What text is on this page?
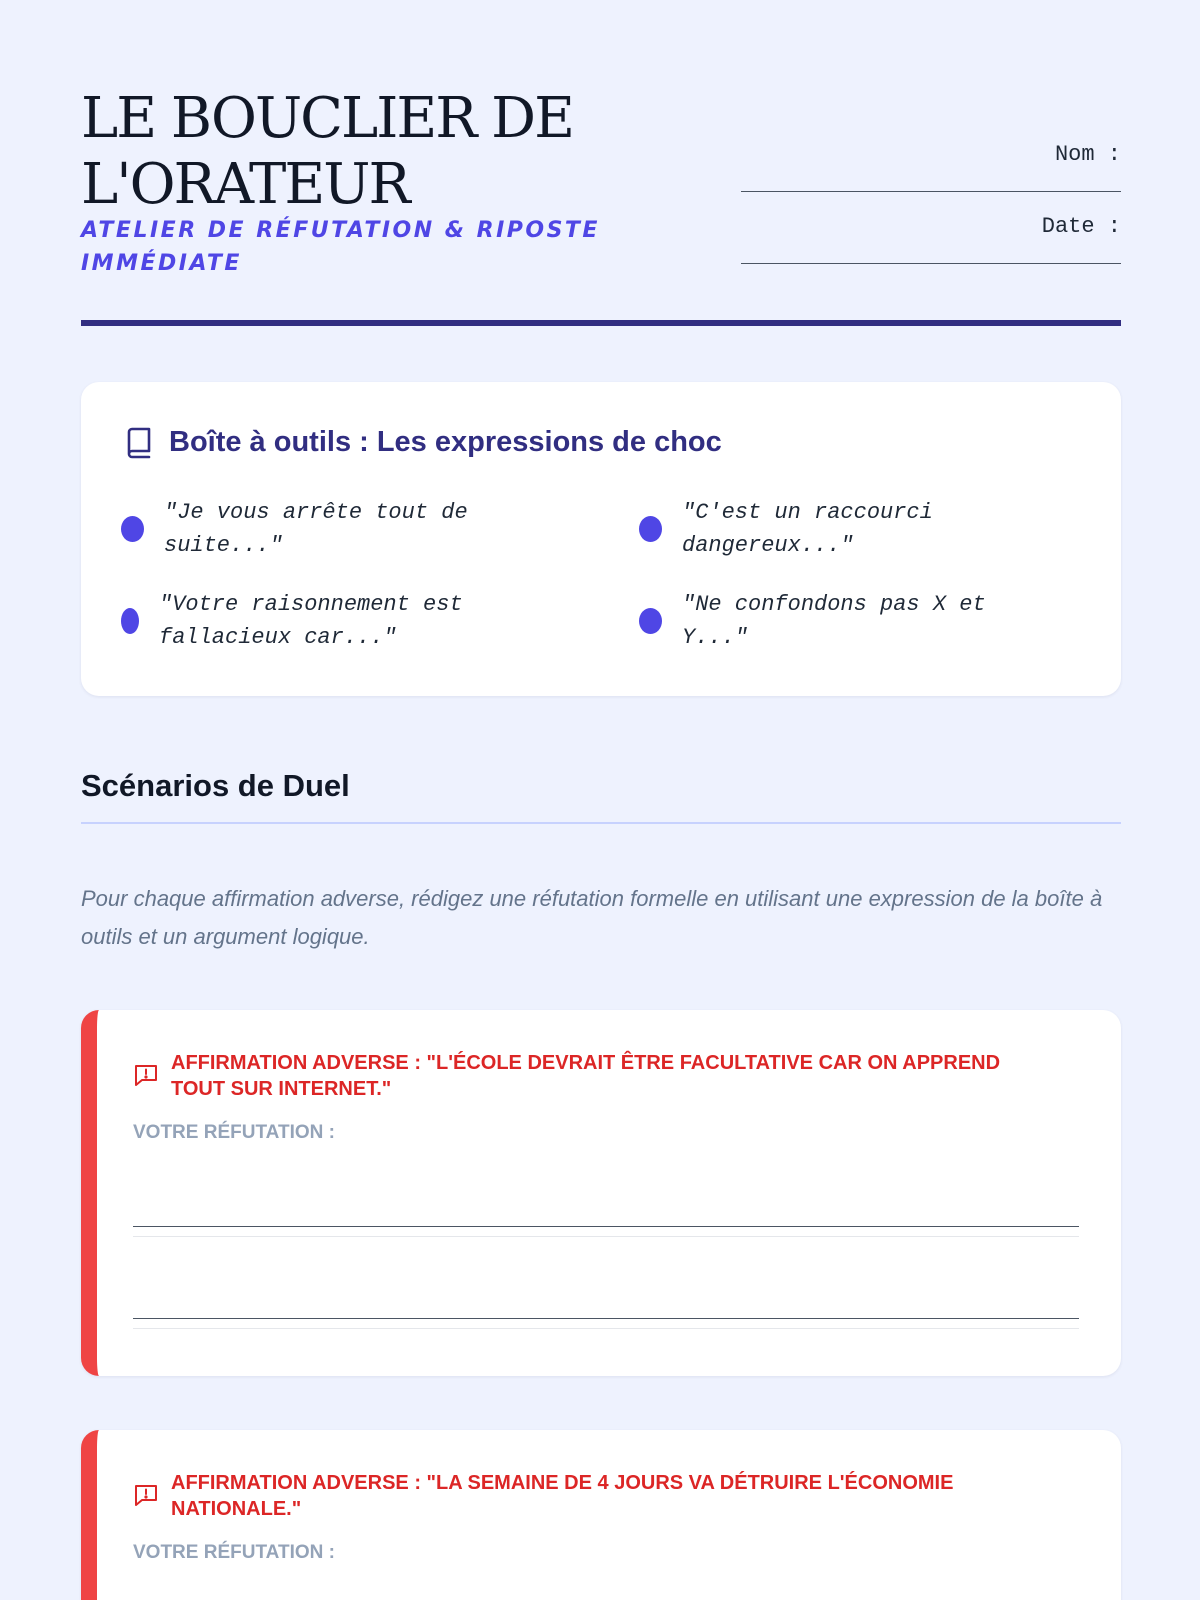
LE BOUCLIER DE L'ORATEUR
ATELIER DE RÉFUTATION & RIPOSTE IMMÉDIATE
Nom :
Date :
Boîte à outils : Les expressions de choc
"Je vous arrête tout de suite..."
"C'est un raccourci dangereux..."
"Votre raisonnement est fallacieux car..."
"Ne confondons pas X et Y..."
Scénarios de Duel

Pour chaque affirmation adverse, rédigez une réfutation formelle en utilisant une expression de la boîte à outils et un argument logique.

AFFIRMATION ADVERSE : "L'ÉCOLE DEVRAIT ÊTRE FACULTATIVE CAR ON APPREND TOUT SUR INTERNET."
VOTRE RÉFUTATION :
AFFIRMATION ADVERSE : "LA SEMAINE DE 4 JOURS VA DÉTRUIRE L'ÉCONOMIE NATIONALE."
VOTRE RÉFUTATION :
